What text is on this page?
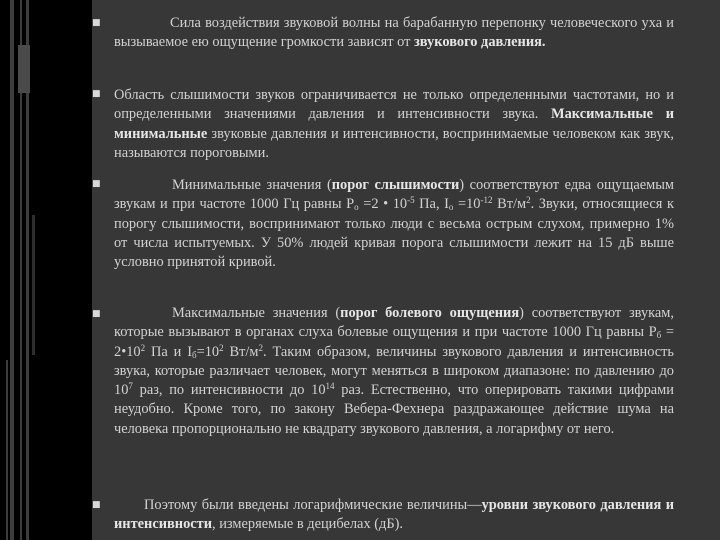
■
■
■
■
■
Сила воздействия звуковой волны на барабанную перепонку человеческого уха и вызываемое ею ощущение громкости зависят от звукового давления.
Область слышимости звуков ограничивается не только определенными частотами, но и определенными значениями давления и интенсивности звука. Максимальные и минимальные звуковые давления и интенсивности, воспринимаемые человеком как звук, называются пороговыми.
Минимальные значения (порог слышимости) соответствуют едва ощущаемым звукам и при частоте 1000 Гц равны $Р_о =2$ • $10^{-5}$ Па, $I_о =10^{-12}$ $Вт/м^2$. Звуки, относящиеся к порогу слышимости, воспринимают только люди с весьма острым слухом, примерно 1% от числа испытуемых. У 50% людей кривая порога слышимости лежит на 15 дБ выше условно принятой кривой.
Максимальные значения (порог болевого ощущения) соответствуют звукам, которые вызывают в органах слуха болевые ощущения и при частоте 1000 Гц равны $Р_б$ = $2•10^2$ Па и $I_б=10^2$ $Вт/м^2$. Таким образом, величины звукового давления и интенсивность звука, которые различает человек, могут меняться в широком диапазоне: по давлению до $10^7$ раз, по интенсивности до $10^{14}$ раз. Естественно, что оперировать такими цифрами неудобно. Кроме того, по закону Вебера-Фехнера раздражающее действие шума на человека пропорционально не квадрату звукового давления, а логарифму от него.
Поэтому были введены логарифмические величины—уровни звукового давления и интенсивности, измеряемые в децибелах (дБ).
